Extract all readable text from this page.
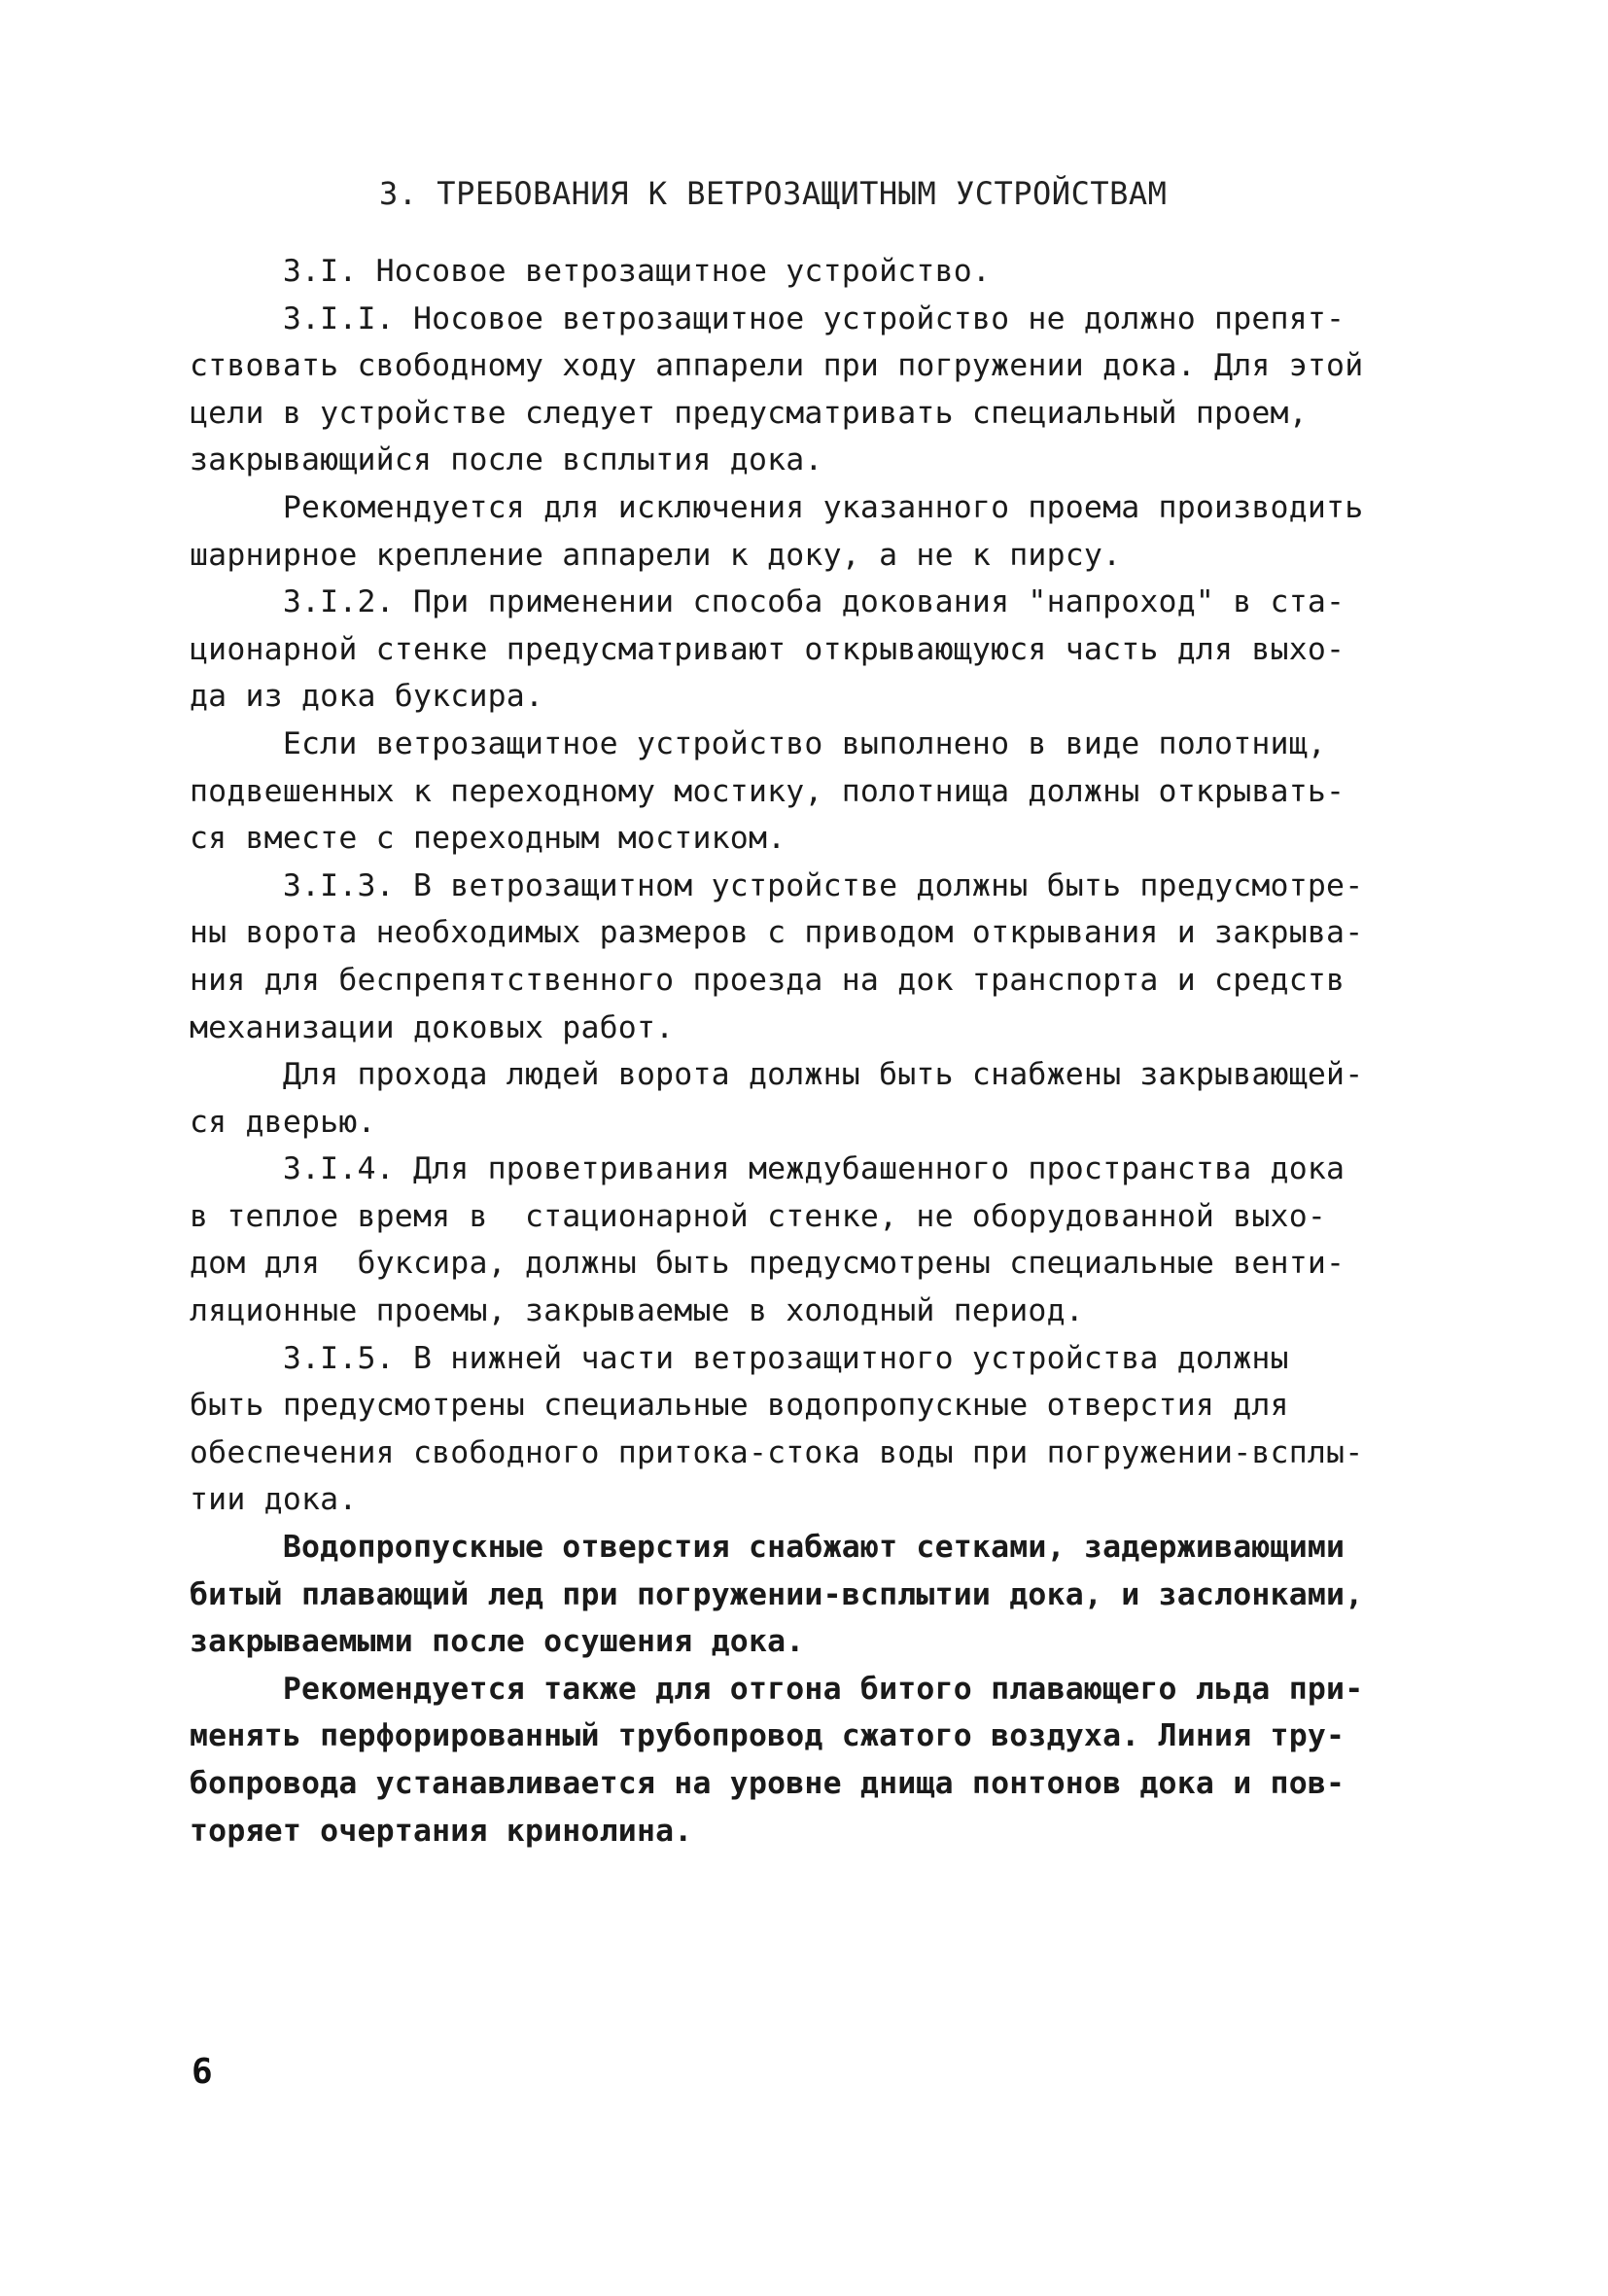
3. ТРЕБОВАНИЯ К ВЕТРОЗАЩИТНЫМ УСТРОЙСТВАМ
3.I. Носовое ветрозащитное устройство.
3.I.I. Носовое ветрозащитное устройство не должно препят-
ствовать свободному ходу аппарели при погружении дока. Для этой
цели в устройстве следует предусматривать специальный проем,
закрывающийся после всплытия дока.
Рекомендуется для исключения указанного проема производить
шарнирное крепление аппарели к доку, а не к пирсу.
3.I.2. При применении способа докования "напроход" в ста-
ционарной стенке предусматривают открывающуюся часть для выхо-
да из дока буксира.
Если ветрозащитное устройство выполнено в виде полотнищ,
подвешенных к переходному мостику, полотнища должны открывать-
ся вместе с переходным мостиком.
3.I.3. В ветрозащитном устройстве должны быть предусмотре-
ны ворота необходимых размеров с приводом открывания и закрыва-
ния для беспрепятственного проезда на док транспорта и средств
механизации доковых работ.
Для прохода людей ворота должны быть снабжены закрывающей-
ся дверью.
3.I.4. Для проветривания междубашенного пространства дока
в теплое время в  стационарной стенке, не оборудованной выхо-
дом для  буксира, должны быть предусмотрены специальные венти-
ляционные проемы, закрываемые в холодный период.
3.I.5. В нижней части ветрозащитного устройства должны
быть предусмотрены специальные водопропускные отверстия для
обеспечения свободного притока-стока воды при погружении-всплы-
тии дока.
Водопропускные отверстия снабжают сетками, задерживающими
битый плавающий лед при погружении-всплытии дока, и заслонками,
закрываемыми после осушения дока.
Рекомендуется также для отгона битого плавающего льда при-
менять перфорированный трубопровод сжатого воздуха. Линия тру-
бопровода устанавливается на уровне днища понтонов дока и пов-
торяет очертания кринолина.
6
